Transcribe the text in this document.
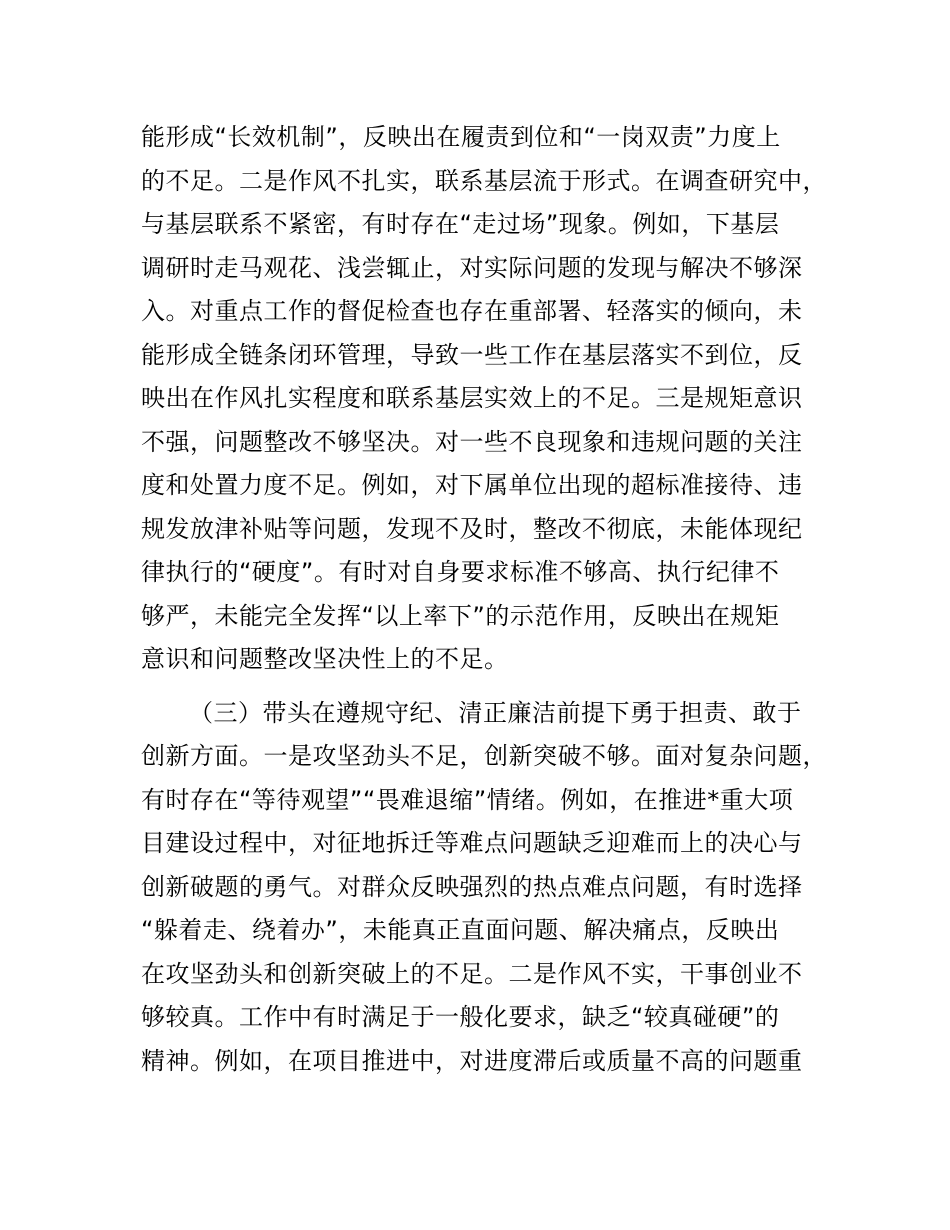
能形成“长效机制”，反映出在履责到位和“一岗双责”力度上
的不足。二是作风不扎实，联系基层流于形式。在调查研究中，
与基层联系不紧密，有时存在“走过场”现象。例如，下基层
调研时走马观花、浅尝辄止，对实际问题的发现与解决不够深
入。对重点工作的督促检查也存在重部署、轻落实的倾向，未
能形成全链条闭环管理，导致一些工作在基层落实不到位，反
映出在作风扎实程度和联系基层实效上的不足。三是规矩意识
不强，问题整改不够坚决。对一些不良现象和违规问题的关注
度和处置力度不足。例如，对下属单位出现的超标准接待、违
规发放津补贴等问题，发现不及时，整改不彻底，未能体现纪
律执行的“硬度”。有时对自身要求标准不够高、执行纪律不
够严，未能完全发挥“以上率下”的示范作用，反映出在规矩
意识和问题整改坚决性上的不足。
（三）带头在遵规守纪、清正廉洁前提下勇于担责、敢于
创新方面。一是攻坚劲头不足，创新突破不够。面对复杂问题，
有时存在“等待观望”“畏难退缩”情绪。例如，在推进*重大项
目建设过程中，对征地拆迁等难点问题缺乏迎难而上的决心与
创新破题的勇气。对群众反映强烈的热点难点问题，有时选择
“躲着走、绕着办”，未能真正直面问题、解决痛点，反映出
在攻坚劲头和创新突破上的不足。二是作风不实，干事创业不
够较真。工作中有时满足于一般化要求，缺乏“较真碰硬”的
精神。例如，在项目推进中，对进度滞后或质量不高的问题重
